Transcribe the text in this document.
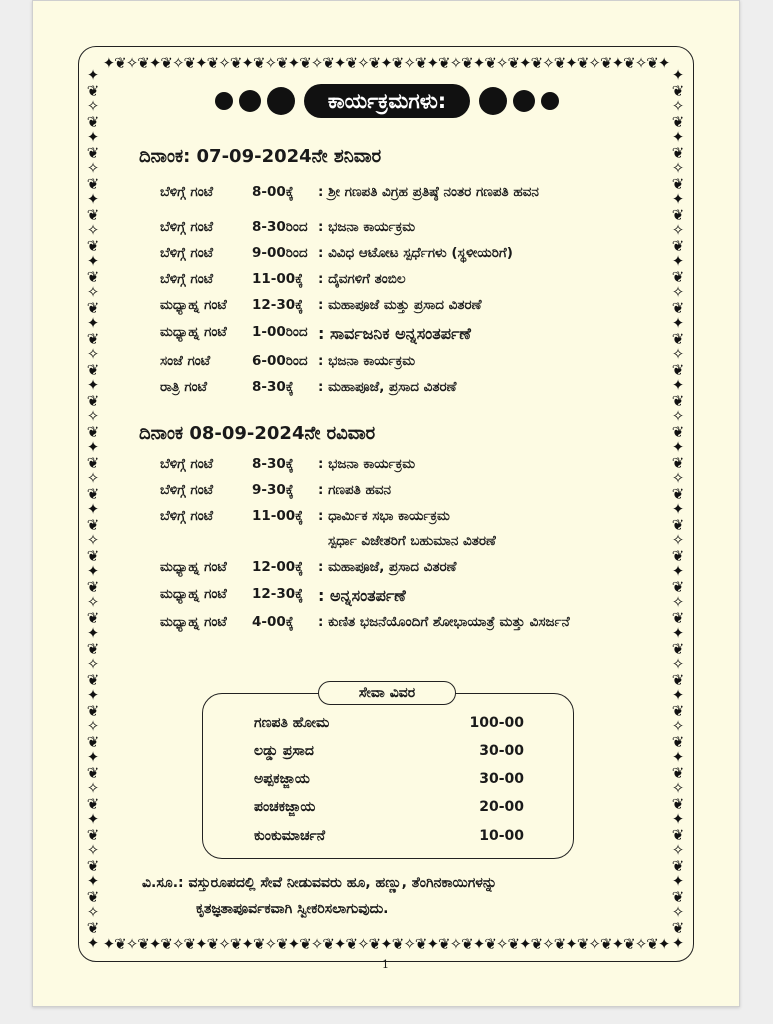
✦❦✧❦✦❦✧❦✦❦✧❦✦❦✧❦✦❦✧❦✦❦✧❦✦❦✧❦✦❦✧❦✦❦✧❦✦❦✧❦✦❦✧❦✦❦✧❦✦
✦❦✧❦✦❦✧❦✦❦✧❦✦❦✧❦✦❦✧❦✦❦✧❦✦❦✧❦✦❦✧❦✦❦✧❦✦❦✧❦✦❦✧❦✦❦✧❦✦
✦❦✧❦✦❦✧❦✦❦✧❦✦❦✧❦✦❦✧❦✦❦✧❦✦❦✧❦✦❦✧❦✦❦✧❦✦❦✧❦✦❦✧❦✦❦✧❦✦❦✧❦✦❦✧❦✦
✦❦✧❦✦❦✧❦✦❦✧❦✦❦✧❦✦❦✧❦✦❦✧❦✦❦✧❦✦❦✧❦✦❦✧❦✦❦✧❦✦❦✧❦✦❦✧❦✦❦✧❦✦❦✧❦✦
ಕಾರ್ಯಕ್ರಮಗಳು:
ದಿನಾಂಕ: 07-09-2024ನೇ ಶನಿವಾರ
ಬೆಳಿಗ್ಗೆ ಗಂಟೆ	8-00ಕ್ಕೆ : ಶ್ರೀ ಗಣಪತಿ ವಿಗ್ರಹ ಪ್ರತಿಷ್ಠೆ ನಂತರ ಗಣಪತಿ ಹವನ
ಬೆಳಿಗ್ಗೆ ಗಂಟೆ	8-30ರಿಂದ : ಭಜನಾ ಕಾರ್ಯಕ್ರಮ
ಬೆಳಿಗ್ಗೆ ಗಂಟೆ	9-00ರಿಂದ : ವಿವಿಧ ಆಟೋಟ ಸ್ಪರ್ಧೆಗಳು (ಸ್ಥಳೀಯರಿಗೆ)
ಬೆಳಿಗ್ಗೆ ಗಂಟೆ	11-00ಕ್ಕೆ : ದೈವಗಳಿಗೆ ತಂಬಿಲ
ಮಧ್ಯಾಹ್ನ ಗಂಟೆ 12-30ಕ್ಕೆ : ಮಹಾಪೂಜೆ ಮತ್ತು ಪ್ರಸಾದ ವಿತರಣೆ
ಮಧ್ಯಾಹ್ನ ಗಂಟೆ 1-00ರಿಂದ : ಸಾರ್ವಜನಿಕ ಅನ್ನಸಂತರ್ಪಣೆ
ಸಂಜೆ ಗಂಟೆ	6-00ರಿಂದ : ಭಜನಾ ಕಾರ್ಯಕ್ರಮ
ರಾತ್ರಿ ಗಂಟೆ	8-30ಕ್ಕೆ : ಮಹಾಪೂಜೆ, ಪ್ರಸಾದ ವಿತರಣೆ
ದಿನಾಂಕ 08-09-2024ನೇ ರವಿವಾರ
ಬೆಳಿಗ್ಗೆ ಗಂಟೆ	8-30ಕ್ಕೆ : ಭಜನಾ ಕಾರ್ಯಕ್ರಮ
ಬೆಳಿಗ್ಗೆ ಗಂಟೆ	9-30ಕ್ಕೆ : ಗಣಪತಿ ಹವನ
ಬೆಳಿಗ್ಗೆ ಗಂಟೆ	11-00ಕ್ಕೆ : ಧಾರ್ಮಿಕ ಸಭಾ ಕಾರ್ಯಕ್ರಮ
ಸ್ಪರ್ಧಾ ವಿಜೇತರಿಗೆ ಬಹುಮಾನ ವಿತರಣೆ
ಮಧ್ಯಾಹ್ನ ಗಂಟೆ 12-00ಕ್ಕೆ : ಮಹಾಪೂಜೆ, ಪ್ರಸಾದ ವಿತರಣೆ
ಮಧ್ಯಾಹ್ನ ಗಂಟೆ 12-30ಕ್ಕೆ : ಅನ್ನಸಂತರ್ಪಣೆ
ಮಧ್ಯಾಹ್ನ ಗಂಟೆ 4-00ಕ್ಕೆ : ಕುಣಿತ ಭಜನೆಯೊಂದಿಗೆ ಶೋಭಾಯಾತ್ರೆ ಮತ್ತು ವಿಸರ್ಜನೆ
ಸೇವಾ ವಿವರ
ಗಣಪತಿ ಹೋಮ	100-00
ಲಡ್ಡು ಪ್ರಸಾದ	30-00
ಅಪ್ಪಕಜ್ಜಾಯ	30-00
ಪಂಚಕಜ್ಜಾಯ	20-00
ಕುಂಕುಮಾರ್ಚನೆ	10-00
ವಿ.ಸೂ.: ವಸ್ತುರೂಪದಲ್ಲಿ ಸೇವೆ ನೀಡುವವರು ಹೂ, ಹಣ್ಣು, ತೆಂಗಿನಕಾಯಿಗಳನ್ನು
ಕೃತಜ್ಞತಾಪೂರ್ವಕವಾಗಿ ಸ್ವೀಕರಿಸಲಾಗುವುದು.
1
